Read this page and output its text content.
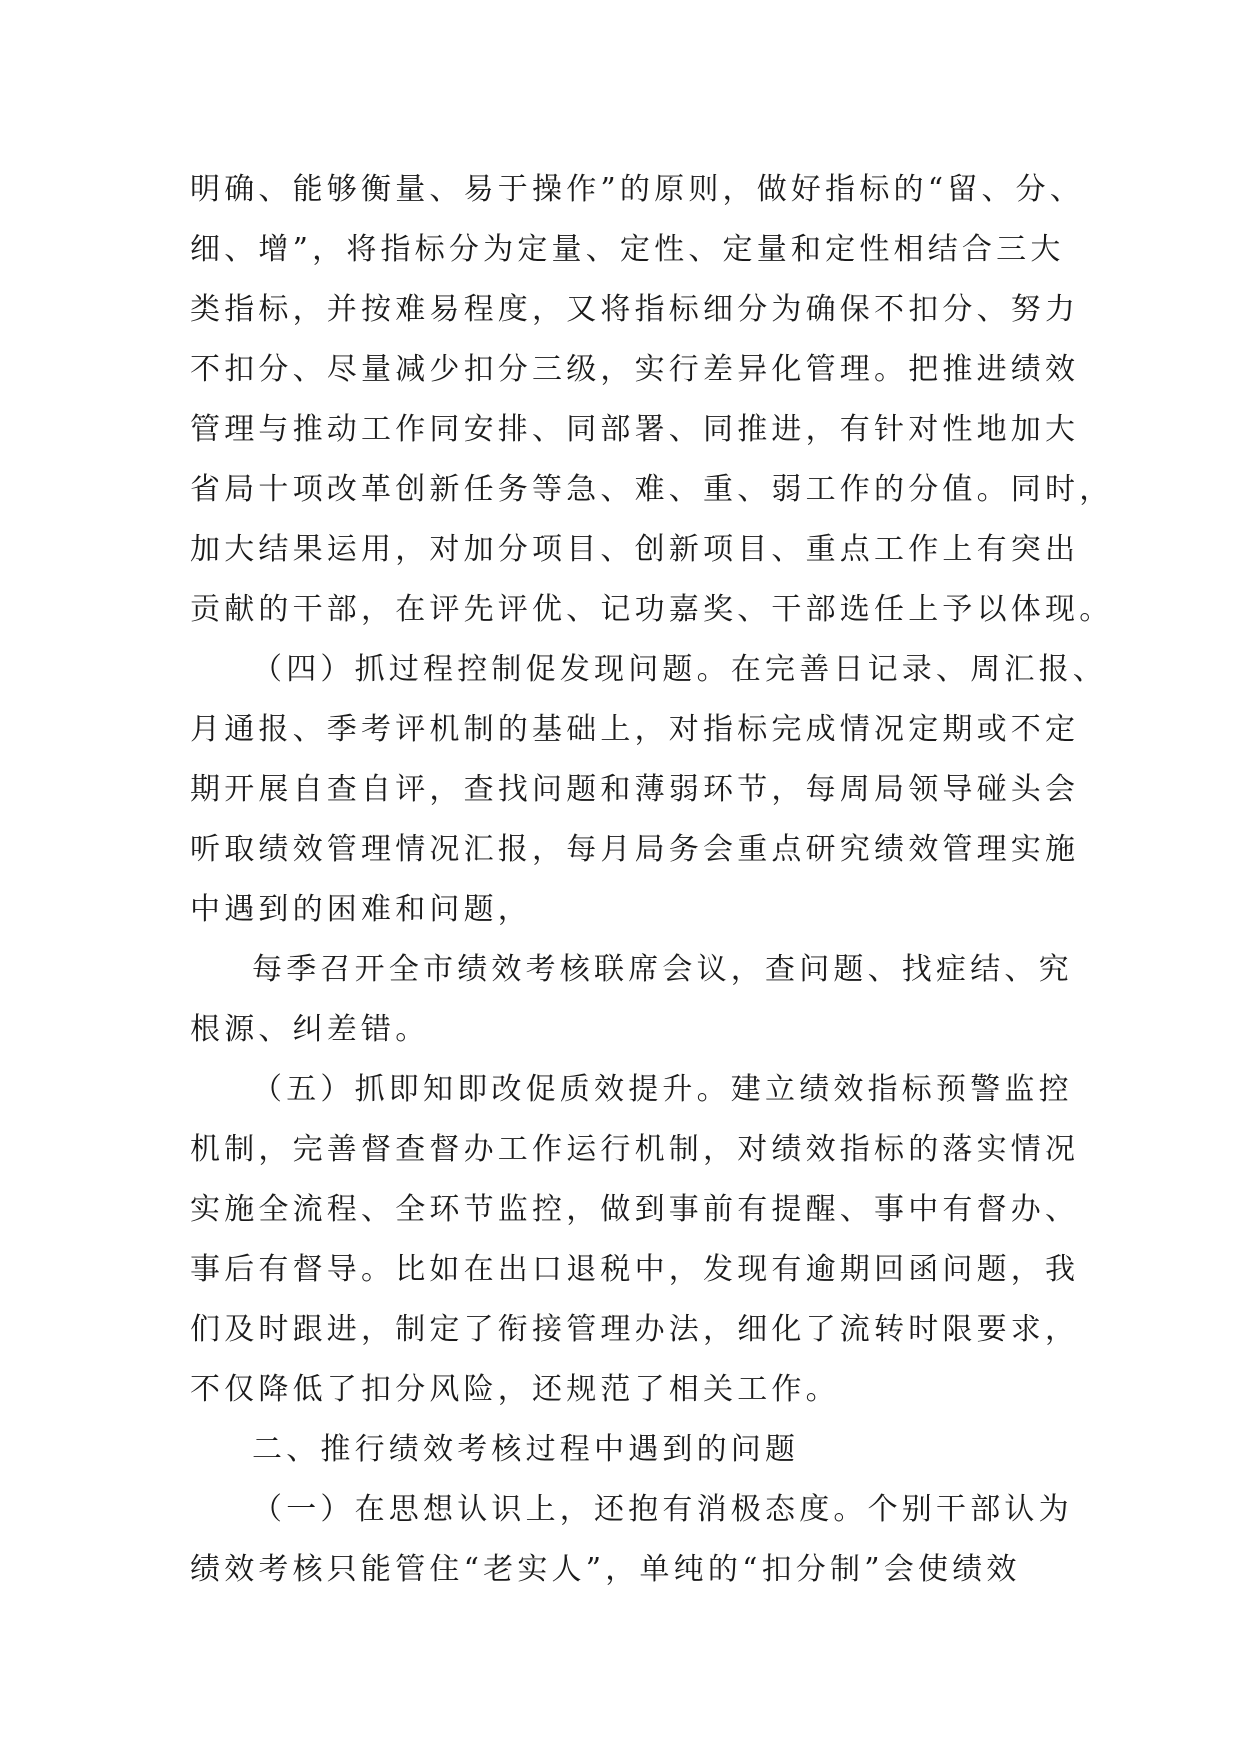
明确、能够衡量、易于操作”的原则，做好指标的“留、分、
细、增”，将指标分为定量、定性、定量和定性相结合三大
类指标，并按难易程度，又将指标细分为确保不扣分、努力
不扣分、尽量减少扣分三级，实行差异化管理。把推进绩效
管理与推动工作同安排、同部署、同推进，有针对性地加大
省局十项改革创新任务等急、难、重、弱工作的分值。同时，
加大结果运用，对加分项目、创新项目、重点工作上有突出
贡献的干部，在评先评优、记功嘉奖、干部选任上予以体现。
（四）抓过程控制促发现问题。在完善日记录、周汇报、
月通报、季考评机制的基础上，对指标完成情况定期或不定
期开展自查自评，查找问题和薄弱环节，每周局领导碰头会
听取绩效管理情况汇报，每月局务会重点研究绩效管理实施
中遇到的困难和问题，
每季召开全市绩效考核联席会议，查问题、找症结、究
根源、纠差错。
（五）抓即知即改促质效提升。建立绩效指标预警监控
机制，完善督查督办工作运行机制，对绩效指标的落实情况
实施全流程、全环节监控，做到事前有提醒、事中有督办、
事后有督导。比如在出口退税中，发现有逾期回函问题，我
们及时跟进，制定了衔接管理办法，细化了流转时限要求，
不仅降低了扣分风险，还规范了相关工作。
二、推行绩效考核过程中遇到的问题
（一）在思想认识上，还抱有消极态度。个别干部认为
绩效考核只能管住“老实人”，单纯的“扣分制”会使绩效
